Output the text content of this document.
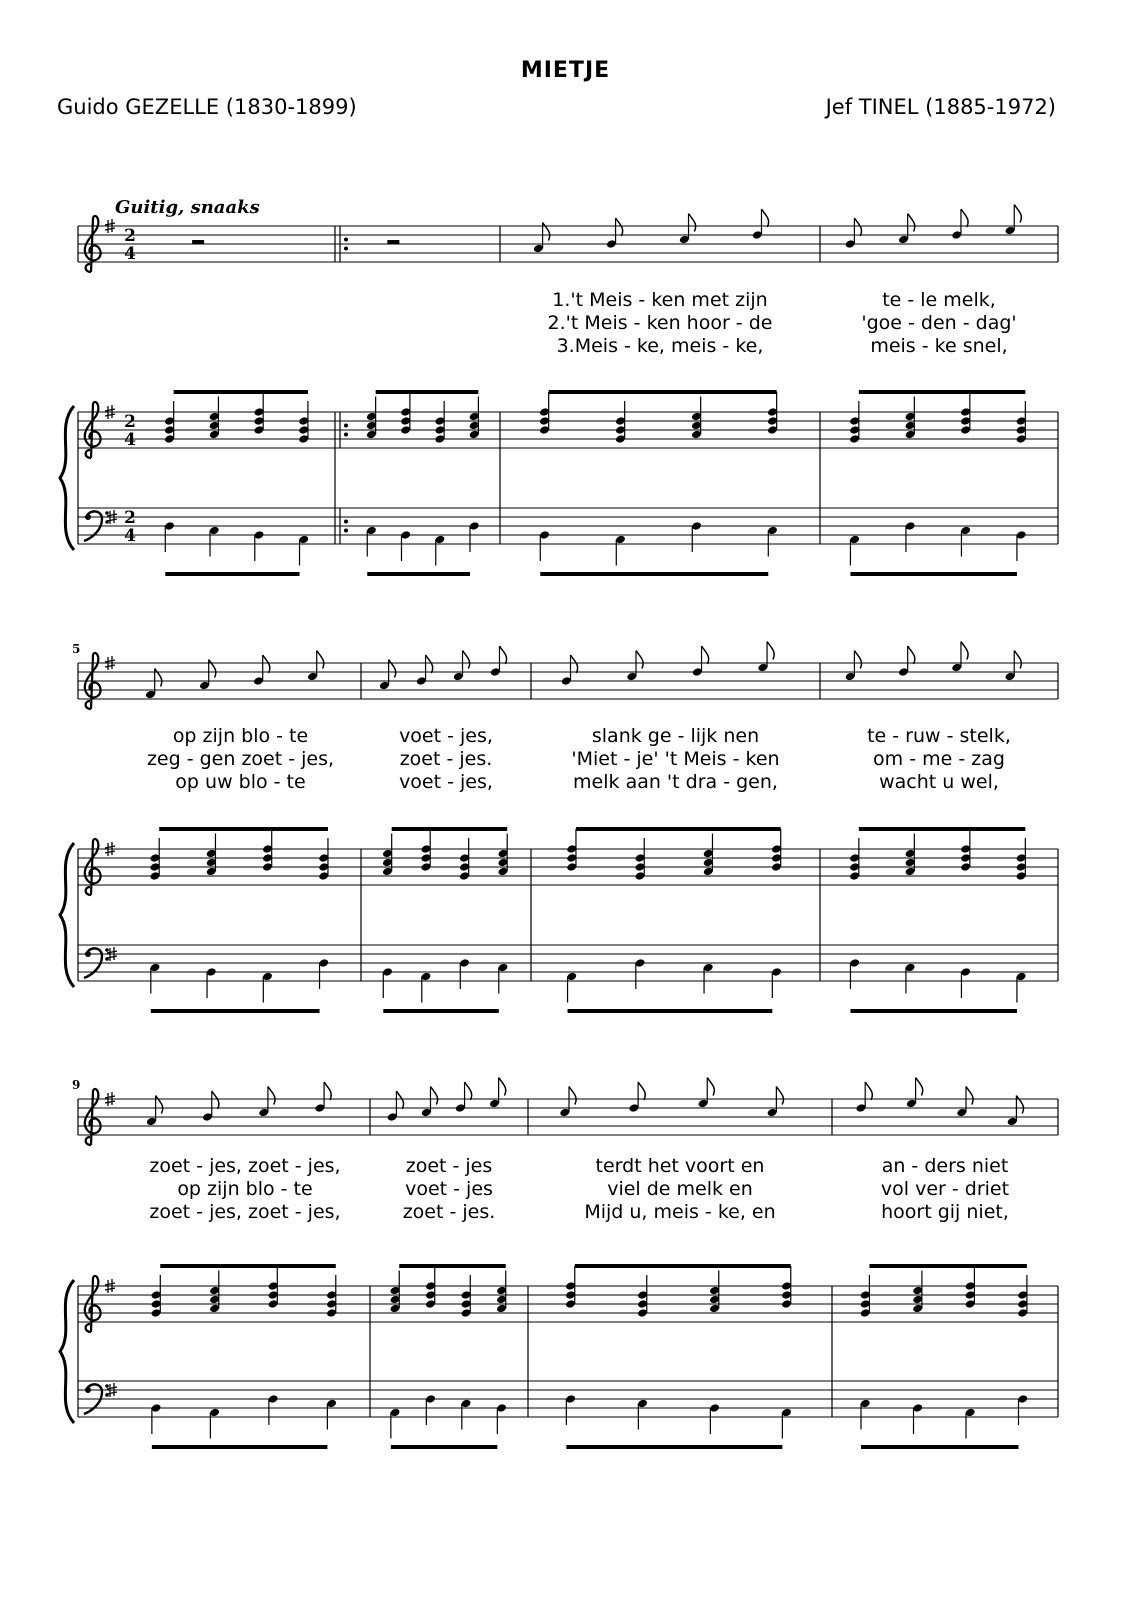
MIETJE
Guido GEZELLE (1830-1899)	Jef TINEL (1885-1972)
Guitig, snaaks
2
4
2
4
2
4
1.'t Meis - ken met zijn
2.'t Meis - ken hoor - de
3.Meis - ke, meis - ke,
te - le melk,
'goe - den - dag'
meis - ke snel,
5
op zijn blo - te
zeg - gen zoet - jes,
op uw blo - te
voet - jes,
zoet - jes.
voet - jes,
slank ge - lijk nen
'Miet - je' 't Meis - ken
melk aan 't dra - gen,
te - ruw - stelk,
om - me - zag
wacht u wel,
9
zoet - jes, zoet - jes,
op zijn blo - te
zoet - jes, zoet - jes,
zoet - jes
voet - jes
zoet - jes.
terdt het voort en
viel de melk en
Mijd u, meis - ke, en
an - ders niet
vol ver - driet
hoort gij niet,
